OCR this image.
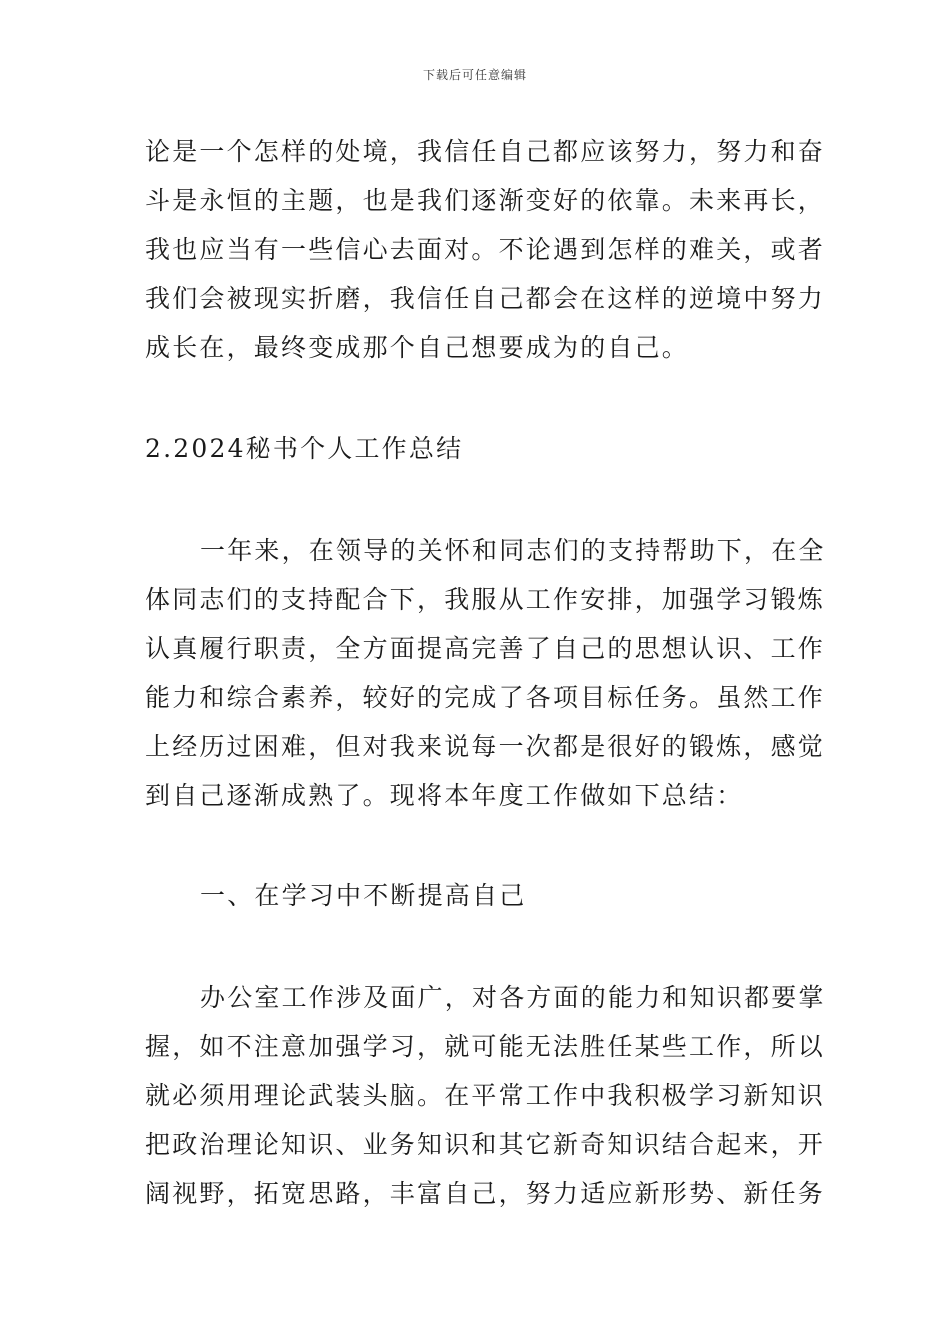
下载后可任意编辑
论是一个怎样的处境，我信任自己都应该努力，努力和奋
斗是永恒的主题，也是我们逐渐变好的依靠。未来再长，
我也应当有一些信心去面对。不论遇到怎样的难关，或者
我们会被现实折磨，我信任自己都会在这样的逆境中努力
成长在，最终变成那个自己想要成为的自己。
2.2024秘书个人工作总结
一年来，在领导的关怀和同志们的支持帮助下，在全
体同志们的支持配合下，我服从工作安排，加强学习锻炼
认真履行职责，全方面提高完善了自己的思想认识、工作
能力和综合素养，较好的完成了各项目标任务。虽然工作
上经历过困难，但对我来说每一次都是很好的锻炼，感觉
到自己逐渐成熟了。现将本年度工作做如下总结：
一、在学习中不断提高自己
办公室工作涉及面广，对各方面的能力和知识都要掌
握，如不注意加强学习，就可能无法胜任某些工作，所以
就必须用理论武装头脑。在平常工作中我积极学习新知识
把政治理论知识、业务知识和其它新奇知识结合起来，开
阔视野，拓宽思路，丰富自己，努力适应新形势、新任务
